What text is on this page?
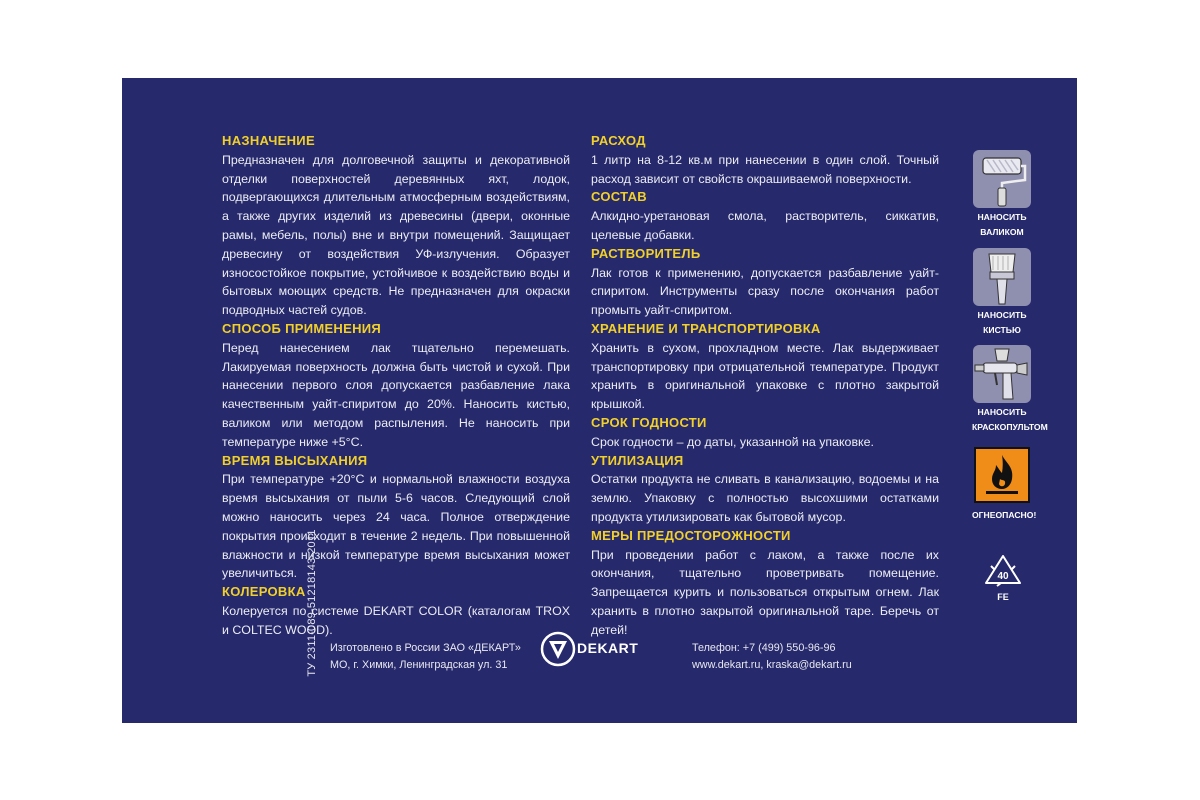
ТУ 2311-089-51218143-2011
НАЗНАЧЕНИЕ
Предназначен для долговечной защиты и декоративной отделки поверхностей деревянных яхт, лодок, подвергающихся длительным атмосферным воздействиям, а также других изделий из древесины (двери, оконные рамы, мебель, полы) вне и внутри помещений. Защищает древесину от воздействия УФ-излучения. Образует износостойкое покрытие, устойчивое к воздействию воды и бытовых моющих средств. Не предназначен для окраски подводных частей судов.
СПОСОБ ПРИМЕНЕНИЯ
Перед нанесением лак тщательно перемешать. Лакируемая поверхность должна быть чистой и сухой. При нанесении первого слоя допускается разбавление лака качественным уайт-спиритом до 20%. Наносить кистью, валиком или методом распыления. Не наносить при температуре ниже +5°С.
ВРЕМЯ ВЫСЫХАНИЯ
При температуре +20°С и нормальной влажности воздуха время высыхания от пыли 5-6 часов. Следующий слой можно наносить через 24 часа. Полное отверждение покрытия происходит в течение 2 недель. При повышенной влажности и низкой температуре время высыхания может увеличиться.
КОЛЕРОВКА
Колеруется по системе DEKART COLOR (каталогам TROX и COLTEC WOOD).
РАСХОД
1 литр на 8-12 кв.м при нанесении в один слой. Точный расход зависит от свойств окрашиваемой поверхности.
СОСТАВ
Алкидно-уретановая смола, растворитель, сиккатив, целевые добавки.
РАСТВОРИТЕЛЬ
Лак готов к применению, допускается разбавление уайт-спиритом. Инструменты сразу после окончания работ промыть уайт-спиритом.
ХРАНЕНИЕ И ТРАНСПОРТИРОВКА
Хранить в сухом, прохладном месте. Лак выдерживает транспортировку при отрицательной температуре. Продукт хранить в оригинальной упаковке с плотно закрытой крышкой.
СРОК ГОДНОСТИ
Срок годности – до даты, указанной на упаковке.
УТИЛИЗАЦИЯ
Остатки продукта не сливать в канализацию, водоемы и на землю. Упаковку с полностью высохшими остатками продукта утилизировать как бытовой мусор.
МЕРЫ ПРЕДОСТОРОЖНОСТИ
При проведении работ с лаком, а также после их окончания, тщательно проветривать помещение. Запрещается курить и пользоваться открытым огнем. Лак хранить в плотно закрытой оригинальной таре. Беречь от детей!
НАНОСИТЬ
ВАЛИКОМ
НАНОСИТЬ
КИСТЬЮ
НАНОСИТЬ
КРАСКОПУЛЬТОМ
ОГНЕОПАСНО!
40
FE
Изготовлено в России ЗАО «ДЕКАРТ»
МО, г. Химки, Ленинградская ул. 31
DEKART	Телефон: +7 (499) 550-96-96
www.dekart.ru, kraska@dekart.ru
